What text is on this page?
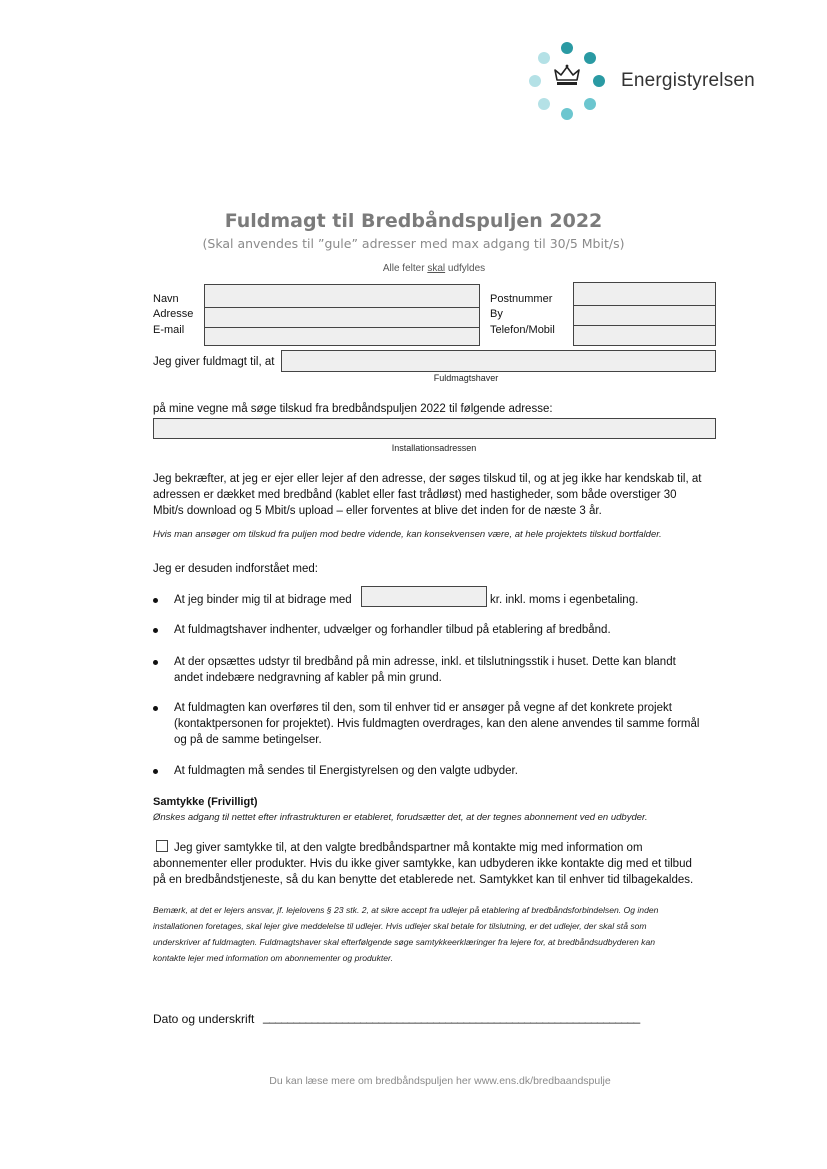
Energistyrelsen
Fuldmagt til Bredbåndspuljen 2022
(Skal anvendes til ”gule” adresser med max adgang til 30/5 Mbit/s)
Alle felter skal udfyldes
Navn
Adresse
E-mail
Postnummer
By
Telefon/Mobil
Jeg giver fuldmagt til, at
Fuldmagtshaver
på mine vegne må søge tilskud fra bredbåndspuljen 2022 til følgende adresse:
Installationsadressen
Jeg bekræfter, at jeg er ejer eller lejer af den adresse, der søges tilskud til, og at jeg ikke har kendskab til, at
adressen er dækket med bredbånd (kablet eller fast trådløst) med hastigheder, som både overstiger 30
Mbit/s download og 5 Mbit/s upload – eller forventes at blive det inden for de næste 3 år.
Hvis man ansøger om tilskud fra puljen mod bedre vidende, kan konsekvensen være, at hele projektets tilskud bortfalder.
Jeg er desuden indforstået med:
At jeg binder mig til at bidrage med	kr. inkl. moms i egenbetaling.
At fuldmagtshaver indhenter, udvælger og forhandler tilbud på etablering af bredbånd.
At der opsættes udstyr til bredbånd på min adresse, inkl. et tilslutningsstik i huset. Dette kan blandt
andet indebære nedgravning af kabler på min grund.
At fuldmagten kan overføres til den, som til enhver tid er ansøger på vegne af det konkrete projekt
(kontaktpersonen for projektet). Hvis fuldmagten overdrages, kan den alene anvendes til samme formål
og på de samme betingelser.
At fuldmagten må sendes til Energistyrelsen og den valgte udbyder.
Samtykke (Frivilligt)
Ønskes adgang til nettet efter infrastrukturen er etableret, forudsætter det, at der tegnes abonnement ved en udbyder.
Jeg giver samtykke til, at den valgte bredbåndspartner må kontakte mig med information om
abonnementer eller produkter. Hvis du ikke giver samtykke, kan udbyderen ikke kontakte dig med et tilbud
på en bredbåndstjeneste, så du kan benytte det etablerede net. Samtykket kan til enhver tid tilbagekaldes.
Bemærk, at det er lejers ansvar, jf. lejelovens § 23 stk. 2, at sikre accept fra udlejer på etablering af bredbåndsforbindelsen. Og inden
installationen foretages, skal lejer give meddelelse til udlejer. Hvis udlejer skal betale for tilslutning, er det udlejer, der skal stå som
underskriver af fuldmagten. Fuldmagtshaver skal efterfølgende søge samtykkeerklæringer fra lejere for, at bredbåndsudbyderen kan
kontakte lejer med information om abonnementer og produkter.
Dato og underskrift ______________________________________________________________
Du kan læse mere om bredbåndspuljen her www.ens.dk/bredbaandspulje
